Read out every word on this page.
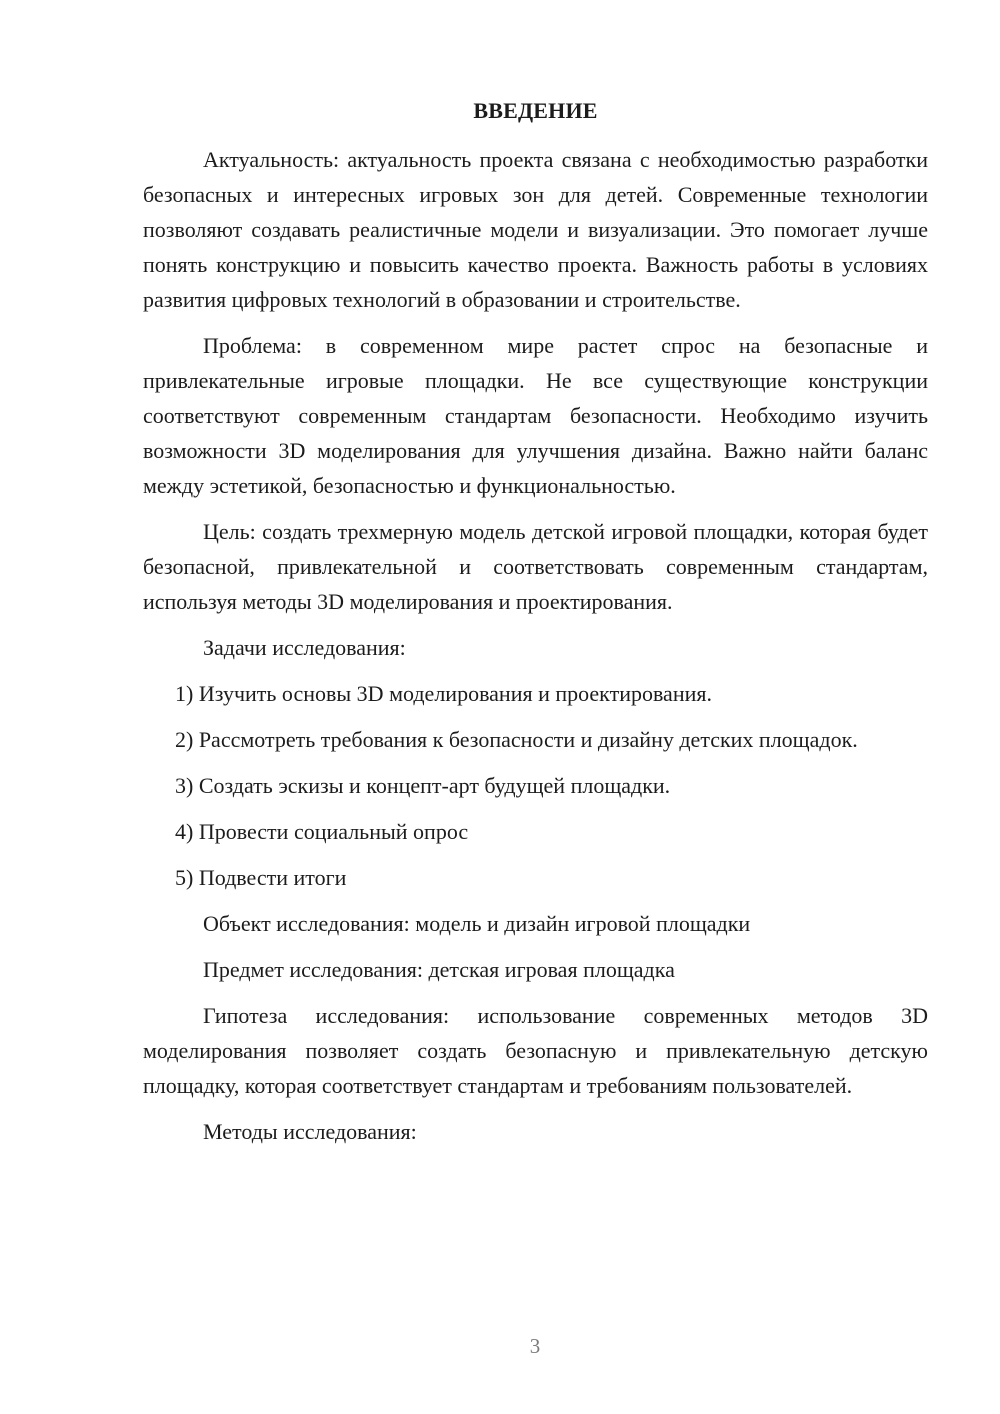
ВВЕДЕНИЕ

Актуальность: актуальность проекта связана с необходимостью разработки безопасных и интересных игровых зон для детей. Современные технологии позволяют создавать реалистичные модели и визуализации. Это помогает лучше понять конструкцию и повысить качество проекта. Важность работы в условиях развития цифровых технологий в образовании и строительстве.

Проблема: в современном мире растет спрос на безопасные и привлекательные игровые площадки. Не все существующие конструкции соответствуют современным стандартам безопасности. Необходимо изучить возможности 3D моделирования для улучшения дизайна. Важно найти баланс между эстетикой, безопасностью и функциональностью.

Цель: создать трехмерную модель детской игровой площадки, которая будет безопасной, привлекательной и соответствовать современным стандартам, используя методы 3D моделирования и проектирования.

Задачи исследования:

1) Изучить основы 3D моделирования и проектирования.

2) Рассмотреть требования к безопасности и дизайну детских площадок.

3) Создать эскизы и концепт-арт будущей площадки.

4) Провести социальный опрос

5) Подвести итоги

Объект исследования: модель и дизайн игровой площадки

Предмет исследования: детская игровая площадка

Гипотеза исследования: использование современных методов 3D моделирования позволяет создать безопасную и привлекательную детскую площадку, которая соответствует стандартам и требованиям пользователей.

Методы исследования:

3
